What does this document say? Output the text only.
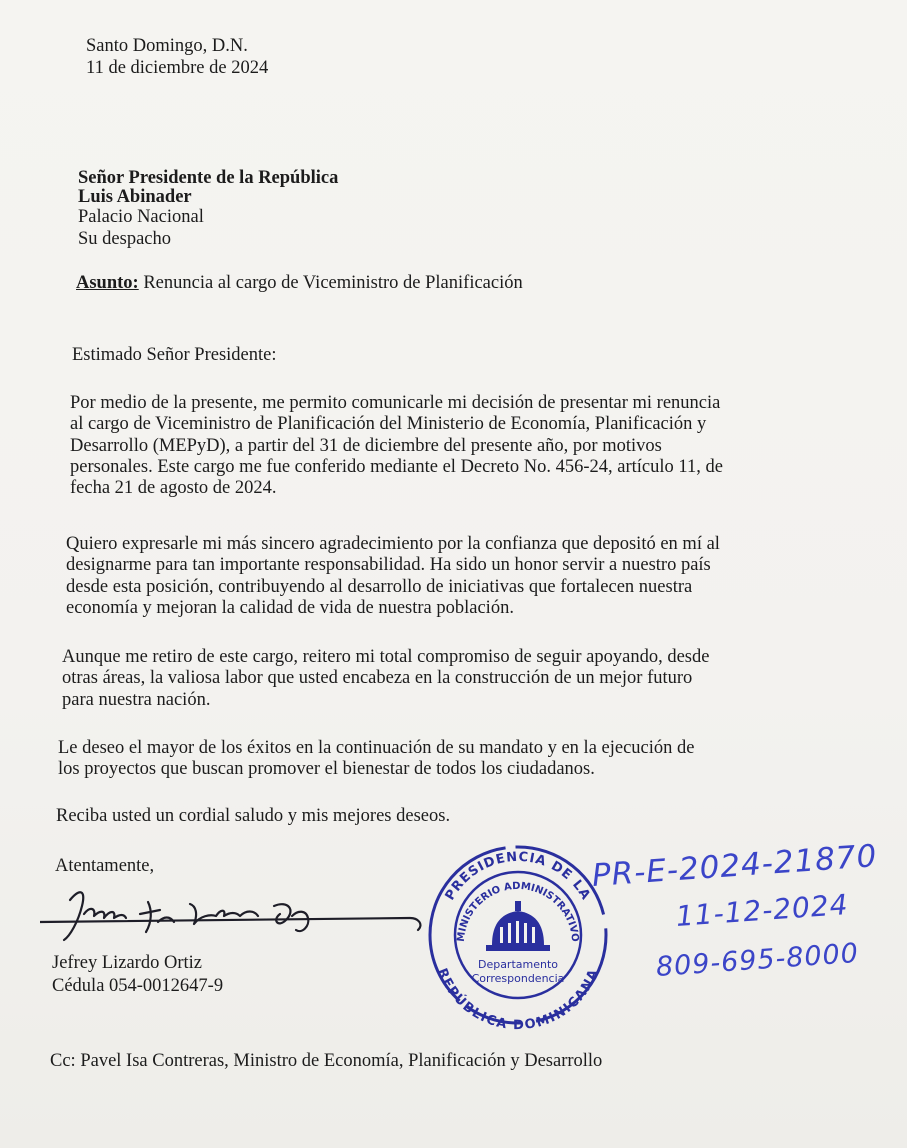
Santo Domingo, D.N.
11 de diciembre de 2024
Señor Presidente de la República
Luis Abinader
Palacio Nacional
Su despacho
Asunto: Renuncia al cargo de Viceministro de Planificación
Estimado Señor Presidente:
Por medio de la presente, me permito comunicarle mi decisión de presentar mi renuncia
al cargo de Viceministro de Planificación del Ministerio de Economía, Planificación y
Desarrollo (MEPyD), a partir del 31 de diciembre del presente año, por motivos
personales. Este cargo me fue conferido mediante el Decreto No. 456-24, artículo 11, de
fecha 21 de agosto de 2024.
Quiero expresarle mi más sincero agradecimiento por la confianza que depositó en mí al
designarme para tan importante responsabilidad. Ha sido un honor servir a nuestro país
desde esta posición, contribuyendo al desarrollo de iniciativas que fortalecen nuestra
economía y mejoran la calidad de vida de nuestra población.
Aunque me retiro de este cargo, reitero mi total compromiso de seguir apoyando, desde
otras áreas, la valiosa labor que usted encabeza en la construcción de un mejor futuro
para nuestra nación.
Le deseo el mayor de los éxitos en la continuación de su mandato y en la ejecución de
los proyectos que buscan promover el bienestar de todos los ciudadanos.
Reciba usted un cordial saludo y mis mejores deseos.
Atentamente,
Jefrey Lizardo Ortiz
Cédula 054-0012647-9
PRESIDENCIA DE LA
MINISTERIO ADMINISTRATIVO
REPÚBLICA DOMINICANA
Departamento
Correspondencia
PR-E-2024-21870
11-12-2024
809-695-8000
Cc: Pavel Isa Contreras, Ministro de Economía, Planificación y Desarrollo
